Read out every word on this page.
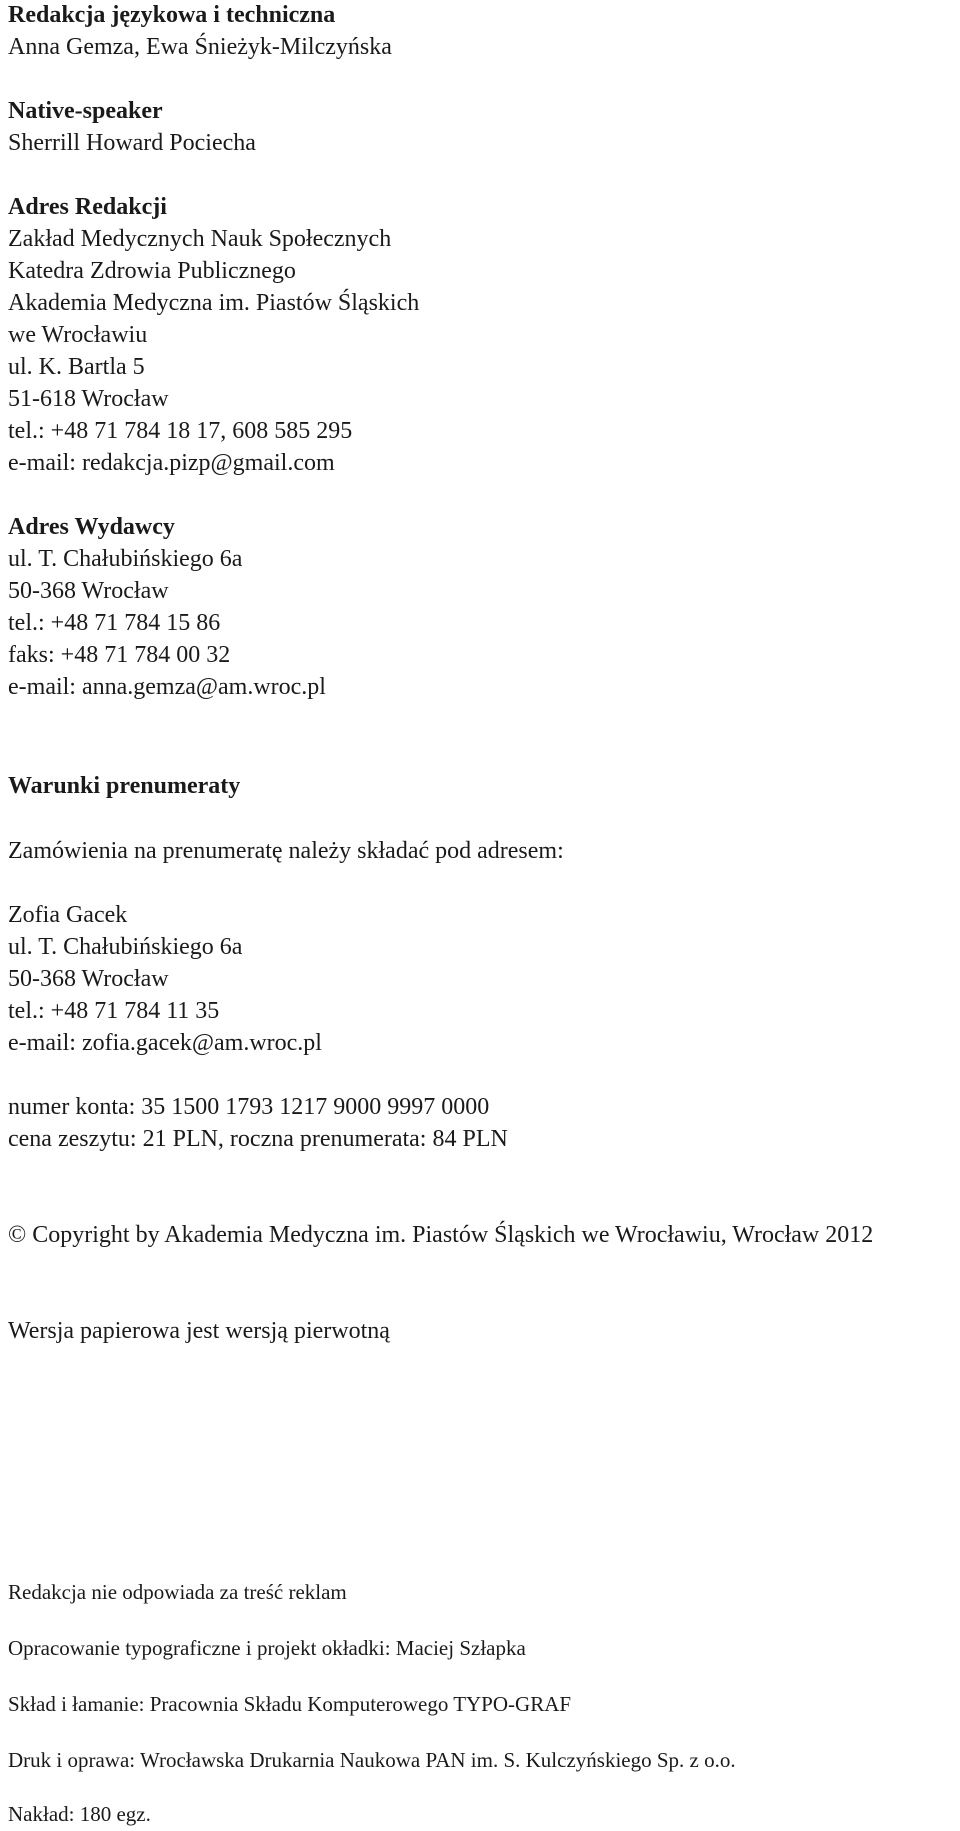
Redakcja językowa i techniczna
Anna Gemza, Ewa Śnieżyk-Milczyńska
Native-speaker
Sherrill Howard Pociecha
Adres Redakcji
Zakład Medycznych Nauk Społecznych
Katedra Zdrowia Publicznego
Akademia Medyczna im. Piastów Śląskich
we Wrocławiu
ul. K. Bartla 5
51-618 Wrocław
tel.: +48 71 784 18 17, 608 585 295
e-mail: redakcja.pizp@gmail.com
Adres Wydawcy
ul. T. Chałubińskiego 6a
50-368 Wrocław
tel.: +48 71 784 15 86
faks: +48 71 784 00 32
e-mail: anna.gemza@am.wroc.pl
Warunki prenumeraty
Zamówienia na prenumeratę należy składać pod adresem:
Zofia Gacek
ul. T. Chałubińskiego 6a
50-368 Wrocław
tel.: +48 71 784 11 35
e-mail: zofia.gacek@am.wroc.pl
numer konta: 35 1500 1793 1217 9000 9997 0000
cena zeszytu: 21 PLN, roczna prenumerata: 84 PLN
© Copyright by Akademia Medyczna im. Piastów Śląskich we Wrocławiu, Wrocław 2012
Wersja papierowa jest wersją pierwotną
Redakcja nie odpowiada za treść reklam
Opracowanie typograficzne i projekt okładki: Maciej Szłapka
Skład i łamanie: Pracownia Składu Komputerowego TYPO-GRAF
Druk i oprawa: Wrocławska Drukarnia Naukowa PAN im. S. Kulczyńskiego Sp. z o.o.
Nakład: 180 egz.
